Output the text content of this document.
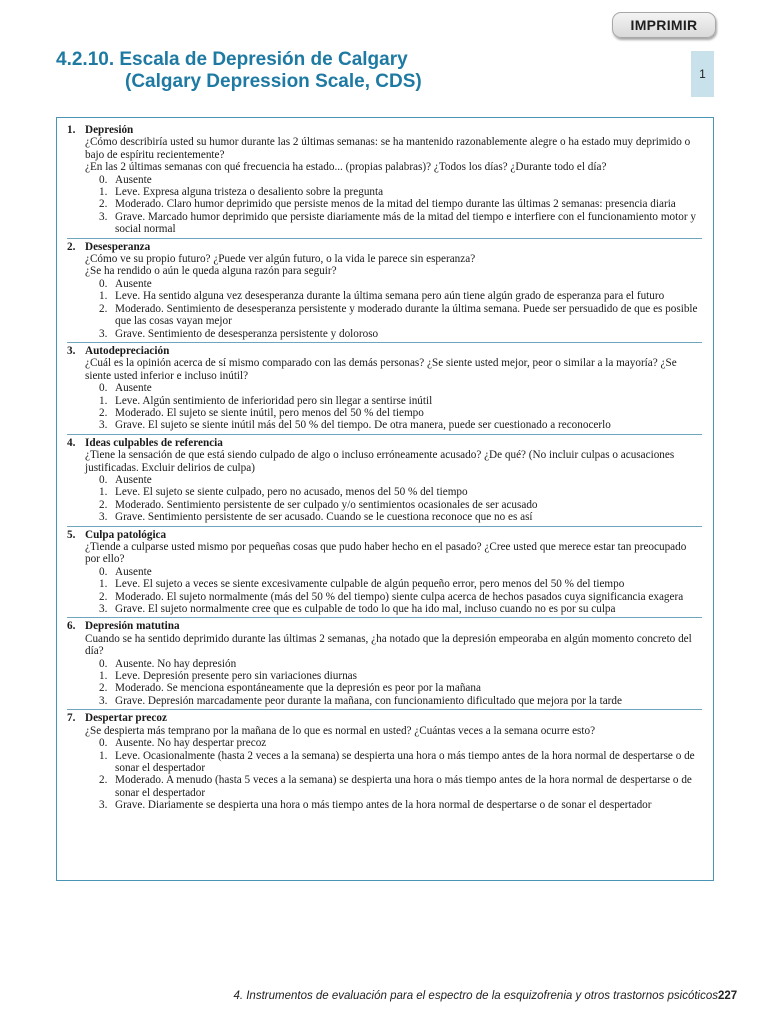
IMPRIMIR
4.2.10. Escala de Depresión de Calgary
(Calgary Depression Scale, CDS)	1
1. Depresión
¿Cómo describiría usted su humor durante las 2 últimas semanas: se ha mantenido razonablemente alegre o ha estado muy deprimido o bajo de espíritu recientemente?
¿En las 2 últimas semanas con qué frecuencia ha estado... (propias palabras)? ¿Todos los días? ¿Durante todo el día?
0. Ausente
1. Leve. Expresa alguna tristeza o desaliento sobre la pregunta
2. Moderado. Claro humor deprimido que persiste menos de la mitad del tiempo durante las últimas 2 semanas: presencia diaria
3. Grave. Marcado humor deprimido que persiste diariamente más de la mitad del tiempo e interfiere con el funcionamiento motor y social normal
2. Desesperanza
¿Cómo ve su propio futuro? ¿Puede ver algún futuro, o la vida le parece sin esperanza?
¿Se ha rendido o aún le queda alguna razón para seguir?
0. Ausente
1. Leve. Ha sentido alguna vez desesperanza durante la última semana pero aún tiene algún grado de esperanza para el futuro
2. Moderado. Sentimiento de desesperanza persistente y moderado durante la última semana. Puede ser persuadido de que es posible que las cosas vayan mejor
3. Grave. Sentimiento de desesperanza persistente y doloroso
3. Autodepreciación
¿Cuál es la opinión acerca de sí mismo comparado con las demás personas? ¿Se siente usted mejor, peor o similar a la mayoría? ¿Se siente usted inferior e incluso inútil?
0. Ausente
1. Leve. Algún sentimiento de inferioridad pero sin llegar a sentirse inútil
2. Moderado. El sujeto se siente inútil, pero menos del 50 % del tiempo
3. Grave. El sujeto se siente inútil más del 50 % del tiempo. De otra manera, puede ser cuestionado a reconocerlo
4. Ideas culpables de referencia
¿Tiene la sensación de que está siendo culpado de algo o incluso erróneamente acusado? ¿De qué? (No incluir culpas o acusaciones justificadas. Excluir delirios de culpa)
0. Ausente
1. Leve. El sujeto se siente culpado, pero no acusado, menos del 50 % del tiempo
2. Moderado. Sentimiento persistente de ser culpado y/o sentimientos ocasionales de ser acusado
3. Grave. Sentimiento persistente de ser acusado. Cuando se le cuestiona reconoce que no es así
5. Culpa patológica
¿Tiende a culparse usted mismo por pequeñas cosas que pudo haber hecho en el pasado? ¿Cree usted que merece estar tan preocupado por ello?
0. Ausente
1. Leve. El sujeto a veces se siente excesivamente culpable de algún pequeño error, pero menos del 50 % del tiempo
2. Moderado. El sujeto normalmente (más del 50 % del tiempo) siente culpa acerca de hechos pasados cuya significancia exagera
3. Grave. El sujeto normalmente cree que es culpable de todo lo que ha ido mal, incluso cuando no es por su culpa
6. Depresión matutina
Cuando se ha sentido deprimido durante las últimas 2 semanas, ¿ha notado que la depresión empeoraba en algún momento concreto del día?
0. Ausente. No hay depresión
1. Leve. Depresión presente pero sin variaciones diurnas
2. Moderado. Se menciona espontáneamente que la depresión es peor por la mañana
3. Grave. Depresión marcadamente peor durante la mañana, con funcionamiento dificultado que mejora por la tarde
7. Despertar precoz
¿Se despierta más temprano por la mañana de lo que es normal en usted? ¿Cuántas veces a la semana ocurre esto?
0. Ausente. No hay despertar precoz
1. Leve. Ocasionalmente (hasta 2 veces a la semana) se despierta una hora o más tiempo antes de la hora normal de despertarse o de sonar el despertador
2. Moderado. A menudo (hasta 5 veces a la semana) se despierta una hora o más tiempo antes de la hora normal de despertarse o de sonar el despertador
3. Grave. Diariamente se despierta una hora o más tiempo antes de la hora normal de despertarse o de sonar el despertador
4. Instrumentos de evaluación para el espectro de la esquizofrenia y otros trastornos psicóticos 227
